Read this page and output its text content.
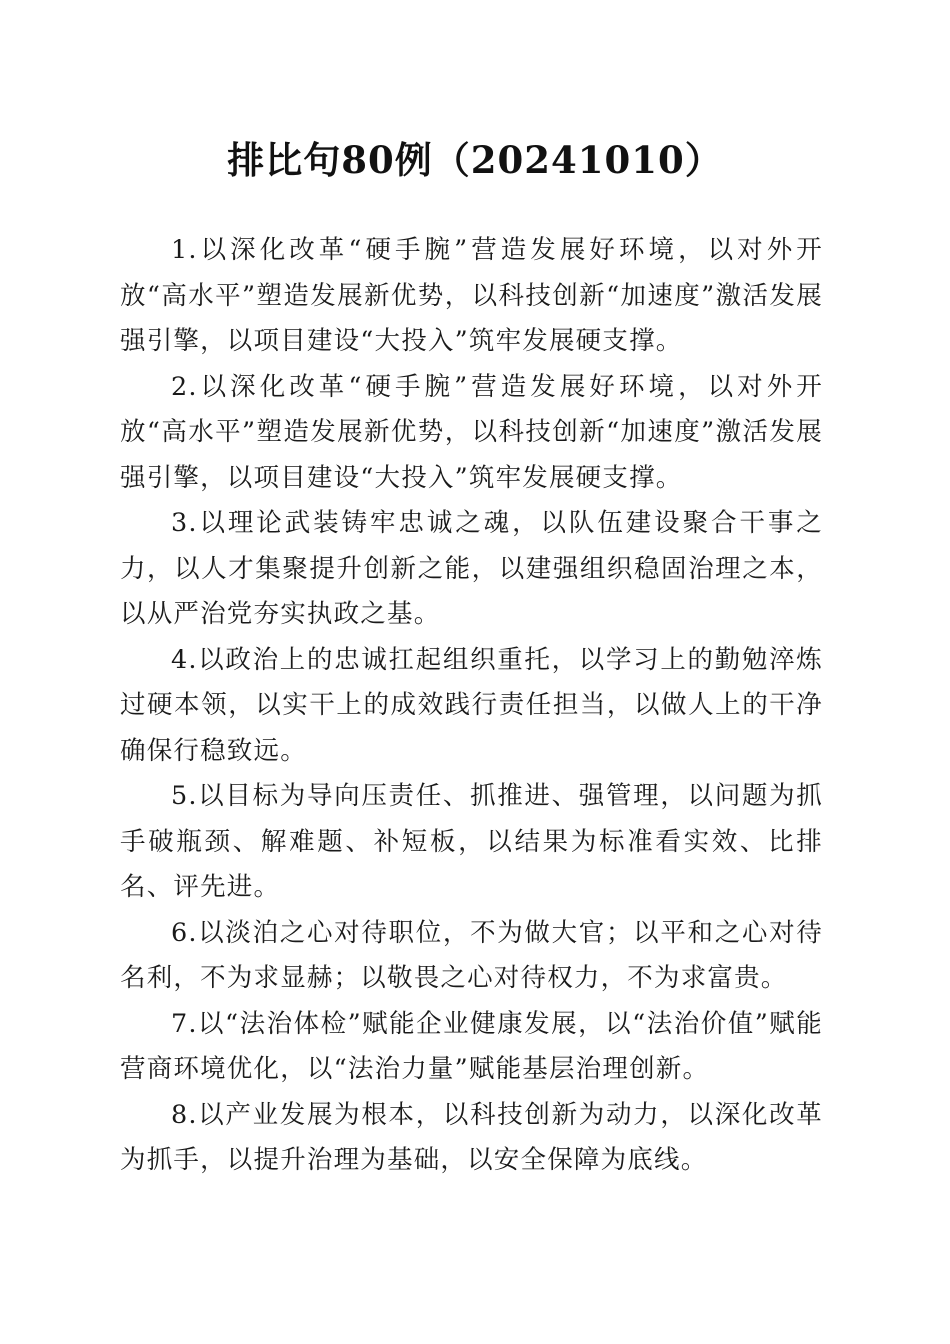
排比句80例（20241010）

1.以深化改革“硬手腕”营造发展好环境，以对外开放“高水平”塑造发展新优势，以科技创新“加速度”激活发展强引擎，以项目建设“大投入”筑牢发展硬支撑。

2.以深化改革“硬手腕”营造发展好环境，以对外开放“高水平”塑造发展新优势，以科技创新“加速度”激活发展强引擎，以项目建设“大投入”筑牢发展硬支撑。

3.以理论武装铸牢忠诚之魂，以队伍建设聚合干事之力，以人才集聚提升创新之能，以建强组织稳固治理之本，以从严治党夯实执政之基。

4.以政治上的忠诚扛起组织重托，以学习上的勤勉淬炼过硬本领，以实干上的成效践行责任担当，以做人上的干净确保行稳致远。

5.以目标为导向压责任、抓推进、强管理，以问题为抓手破瓶颈、解难题、补短板，以结果为标准看实效、比排名、评先进。

6.以淡泊之心对待职位，不为做大官；以平和之心对待名利，不为求显赫；以敬畏之心对待权力，不为求富贵。

7.以“法治体检”赋能企业健康发展，以“法治价值”赋能营商环境优化，以“法治力量”赋能基层治理创新。

8.以产业发展为根本，以科技创新为动力，以深化改革为抓手，以提升治理为基础，以安全保障为底线。
